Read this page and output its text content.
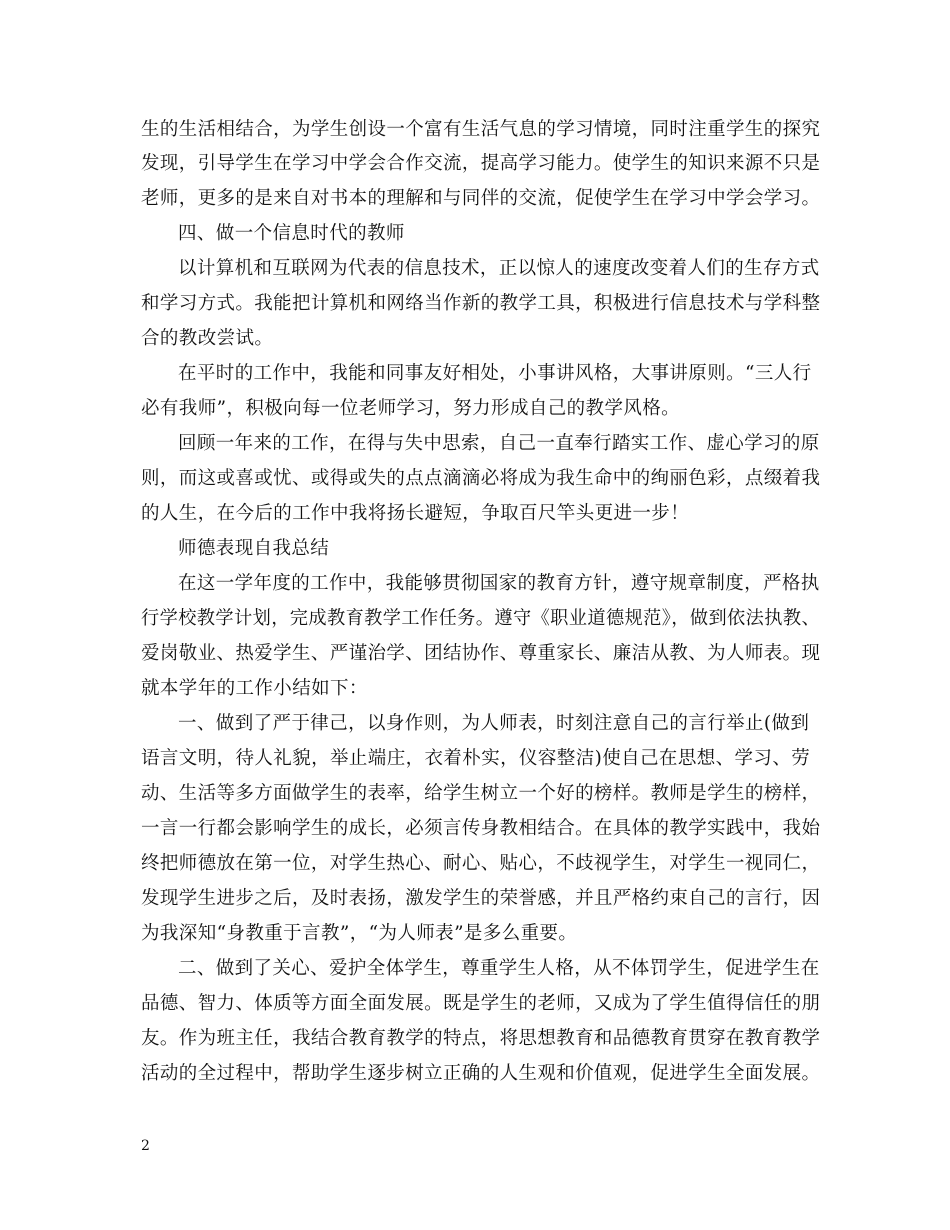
生的生活相结合，为学生创设一个富有生活气息的学习情境，同时注重学生的探究
发现，引导学生在学习中学会合作交流，提高学习能力。使学生的知识来源不只是
老师，更多的是来自对书本的理解和与同伴的交流，促使学生在学习中学会学习。
四、做一个信息时代的教师
以计算机和互联网为代表的信息技术，正以惊人的速度改变着人们的生存方式
和学习方式。我能把计算机和网络当作新的教学工具，积极进行信息技术与学科整
合的教改尝试。
在平时的工作中，我能和同事友好相处，小事讲风格，大事讲原则。“三人行
必有我师”，积极向每一位老师学习，努力形成自己的教学风格。
回顾一年来的工作，在得与失中思索，自己一直奉行踏实工作、虚心学习的原
则，而这或喜或忧、或得或失的点点滴滴必将成为我生命中的绚丽色彩，点缀着我
的人生，在今后的工作中我将扬长避短，争取百尺竿头更进一步！
师德表现自我总结
在这一学年度的工作中，我能够贯彻国家的教育方针，遵守规章制度，严格执
行学校教学计划，完成教育教学工作任务。遵守《职业道德规范》，做到依法执教、
爱岗敬业、热爱学生、严谨治学、团结协作、尊重家长、廉洁从教、为人师表。现
就本学年的工作小结如下：
一、做到了严于律己，以身作则，为人师表，时刻注意自己的言行举止(做到
语言文明，待人礼貌，举止端庄，衣着朴实，仪容整洁)使自己在思想、学习、劳
动、生活等多方面做学生的表率，给学生树立一个好的榜样。教师是学生的榜样，
一言一行都会影响学生的成长，必须言传身教相结合。在具体的教学实践中，我始
终把师德放在第一位，对学生热心、耐心、贴心，不歧视学生，对学生一视同仁，
发现学生进步之后，及时表扬，激发学生的荣誉感，并且严格约束自己的言行，因
为我深知“身教重于言教”，“为人师表”是多么重要。
二、做到了关心、爱护全体学生，尊重学生人格，从不体罚学生，促进学生在
品德、智力、体质等方面全面发展。既是学生的老师，又成为了学生值得信任的朋
友。作为班主任，我结合教育教学的特点，将思想教育和品德教育贯穿在教育教学
活动的全过程中，帮助学生逐步树立正确的人生观和价值观，促进学生全面发展。
2
